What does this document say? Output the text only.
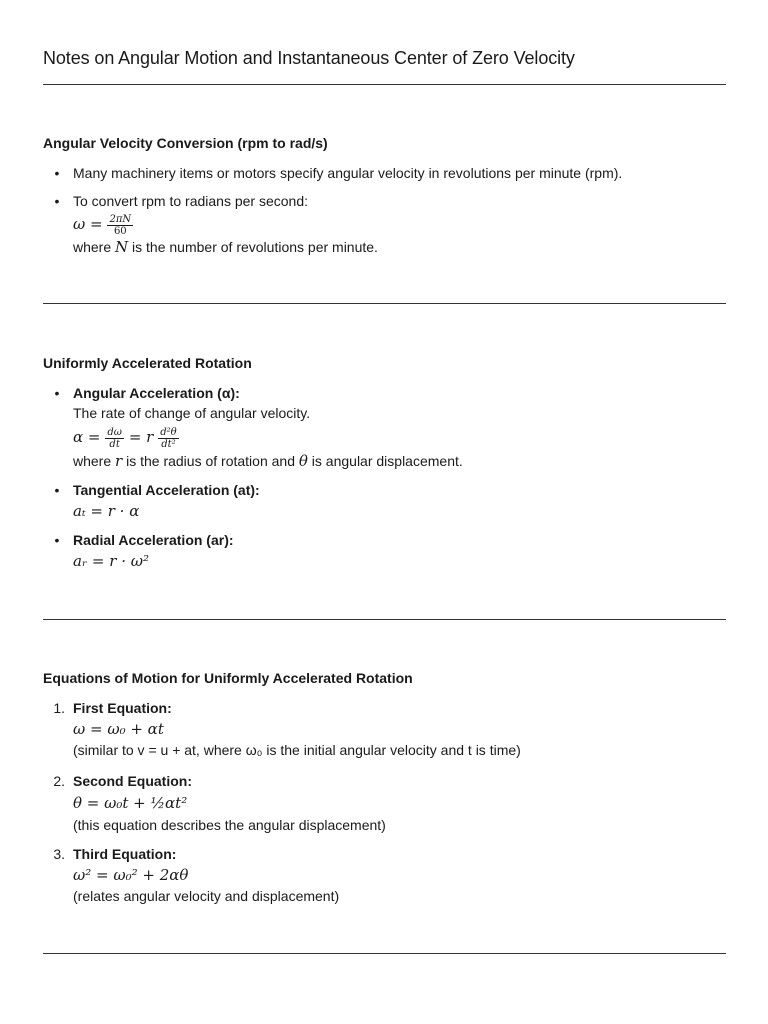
Notes on Angular Motion and Instantaneous Center of Zero Velocity
Angular Velocity Conversion (rpm to rad/s)
• Many machinery items or motors specify angular velocity in revolutions per minute (rpm).
• To convert rpm to radians per second:
$\omega = \frac{2\pi N}{60}$
where N is the number of revolutions per minute.
Uniformly Accelerated Rotation
• Angular Acceleration (α):
The rate of change of angular velocity.
$\alpha = \frac{d\omega}{dt} = r \frac{\text{d²θ}}{\text{dt²}}$
where r is the radius of rotation and θ is angular displacement.
• Tangential Acceleration (at):
aₜ = r · α
• Radial Acceleration (ar):
aᵣ = r · ω²
Equations of Motion for Uniformly Accelerated Rotation
1. First Equation:
ω = ω₀ + αt
(similar to v = u + at, where ω₀ is the initial angular velocity and t is time)
2. Second Equation:
θ = ω₀t + ½αt²
(this equation describes the angular displacement)
3. Third Equation:
ω² = ω₀² + 2αθ
(relates angular velocity and displacement)
